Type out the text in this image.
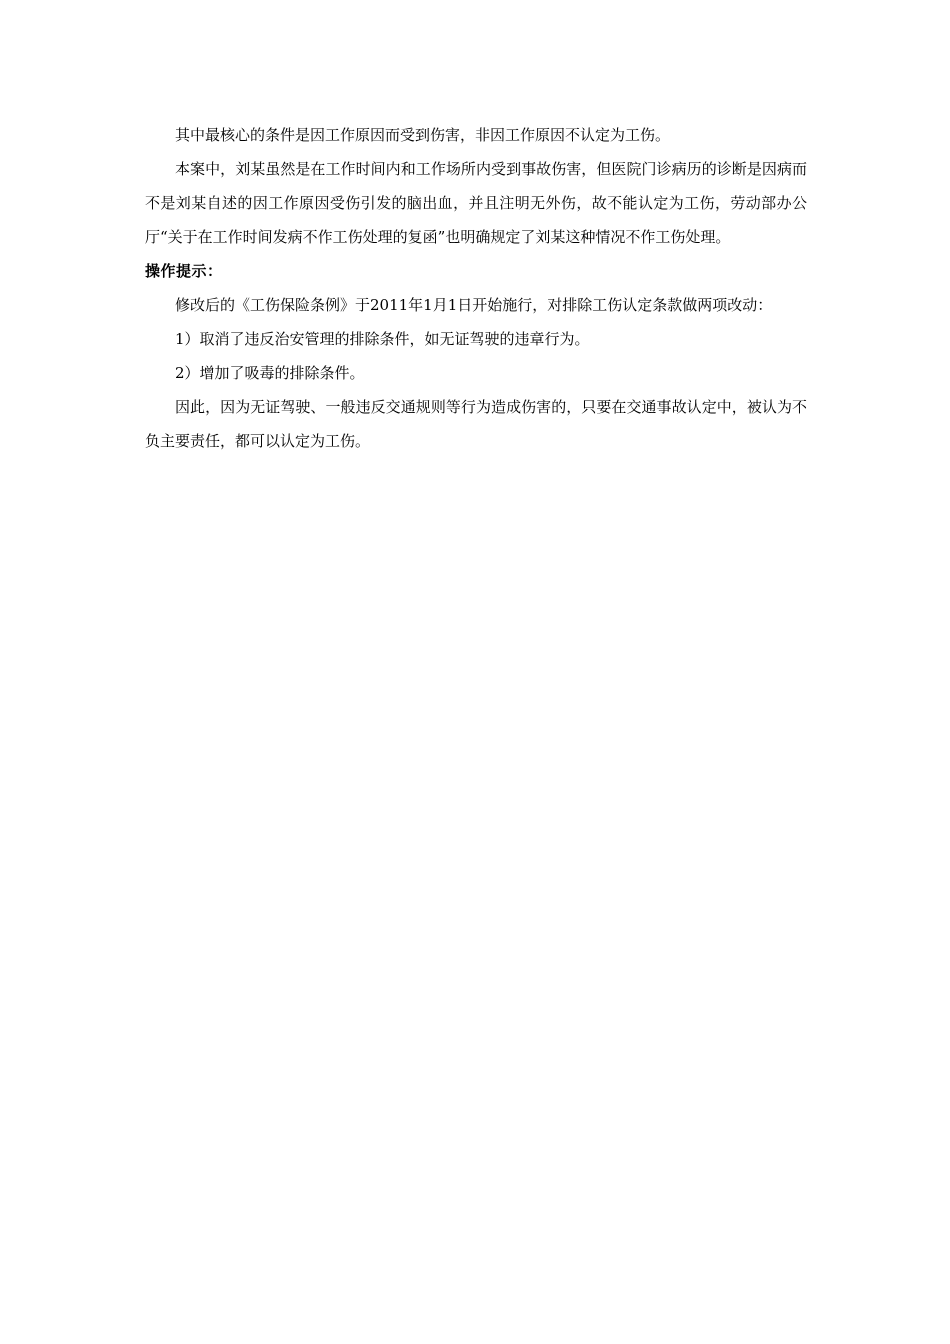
其中最核心的条件是因工作原因而受到伤害，非因工作原因不认定为工伤。

本案中，刘某虽然是在工作时间内和工作场所内受到事故伤害，但医院门诊病历的诊断是因病而不是刘某自述的因工作原因受伤引发的脑出血，并且注明无外伤，故不能认定为工伤，劳动部办公厅“关于在工作时间发病不作工伤处理的复函”也明确规定了刘某这种情况不作工伤处理。

操作提示：

修改后的《工伤保险条例》于2011年1月1日开始施行，对排除工伤认定条款做两项改动：

1）取消了违反治安管理的排除条件，如无证驾驶的违章行为。

2）增加了吸毒的排除条件。

因此，因为无证驾驶、一般违反交通规则等行为造成伤害的，只要在交通事故认定中，被认为不负主要责任，都可以认定为工伤。
